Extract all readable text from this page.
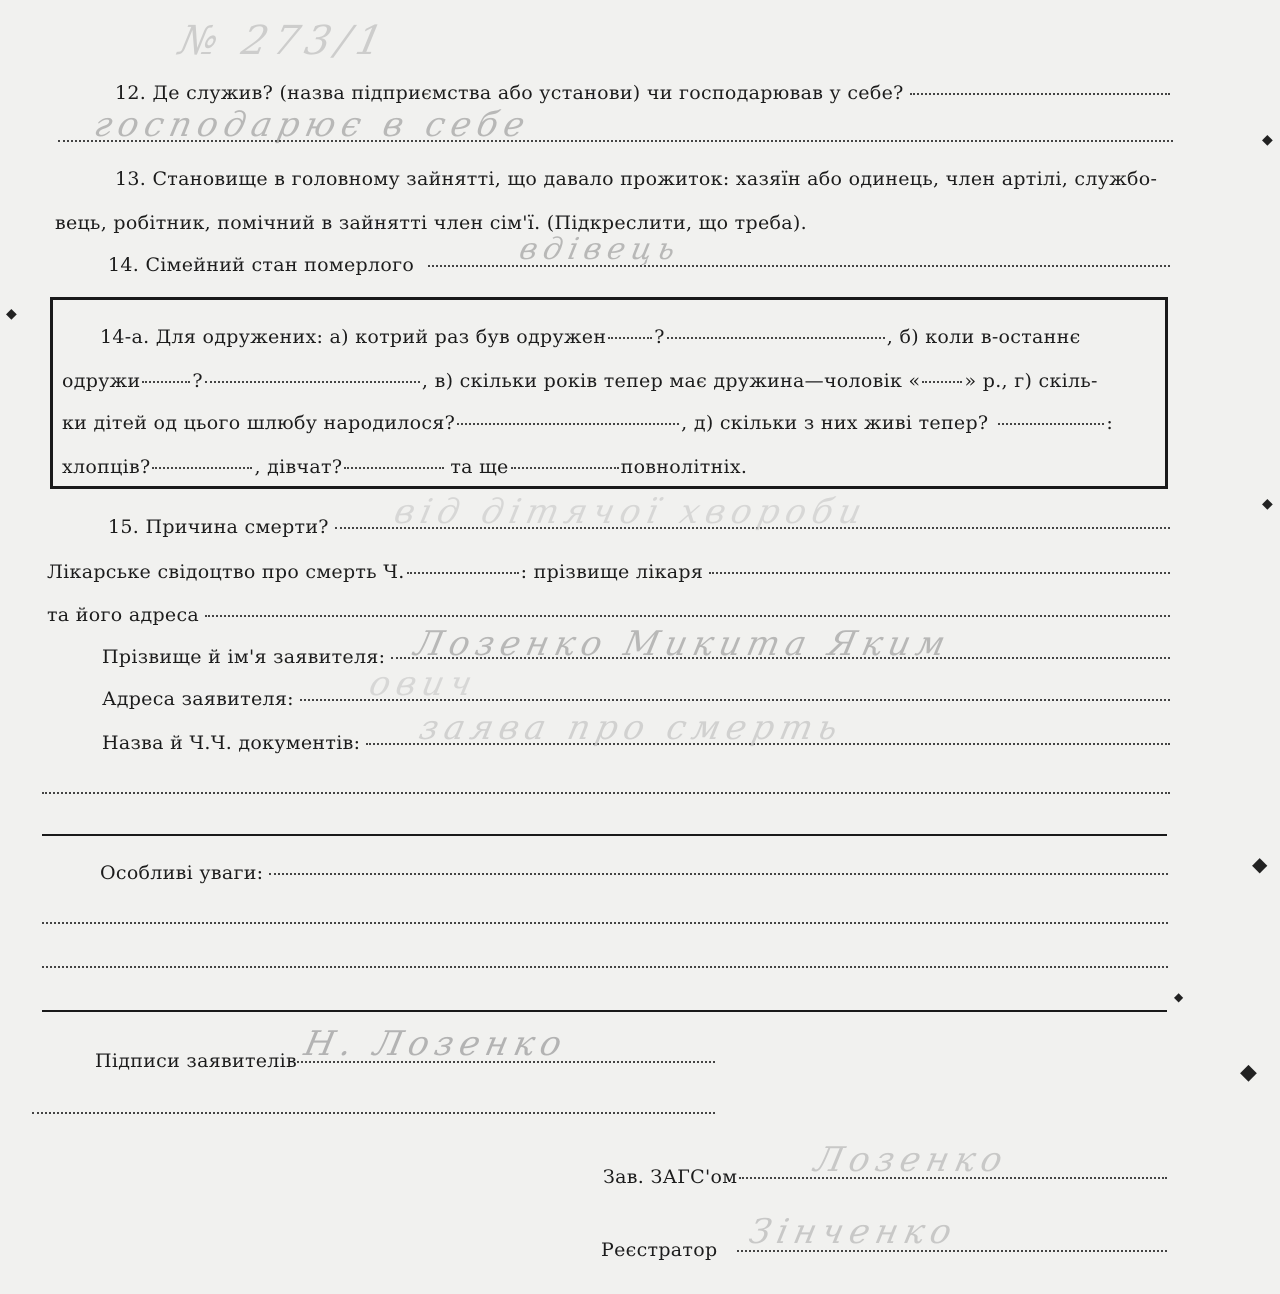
№ 273/1
12. Де служив? (назва підприємства або установи) чи господарював у себе?
господарює в себе
13. Становище в головному зайнятті, що давало прожиток: хазяїн або одинець, член артілі, службо-
вець, робітник, помічний в зайнятті член сім'ї. (Підкреслити, що треба).
14. Сімейний стан померлого	вдівець
14-а. Для одружених: а) котрий раз був одружен	?	, б) коли в-останнє
одружи	?	, в) скільки років тепер має дружина—чоловік « » р., г) скіль-
ки дітей од цього шлюбу народилося?	, д) скільки з них живі тепер?	:
хлопців?	, дівчат?	та ще	повнолітніх.
15. Причина смерти? від дітячої хвороби
Лікарське свідоцтво про смерть Ч.	: прізвище лікаря
та його адреса
Прізвище й ім'я заявителя: Лозенко Микита Яким
Адреса заявителя: ович
Назва й Ч.Ч. документів: заява про смерть
Особливі уваги:
Підписи заявителів Н. Лозенко
Зав. ЗАГС'ом Лозенко
Реєстратор Зінченко
◆
◆
◆
◆
◆
◆
